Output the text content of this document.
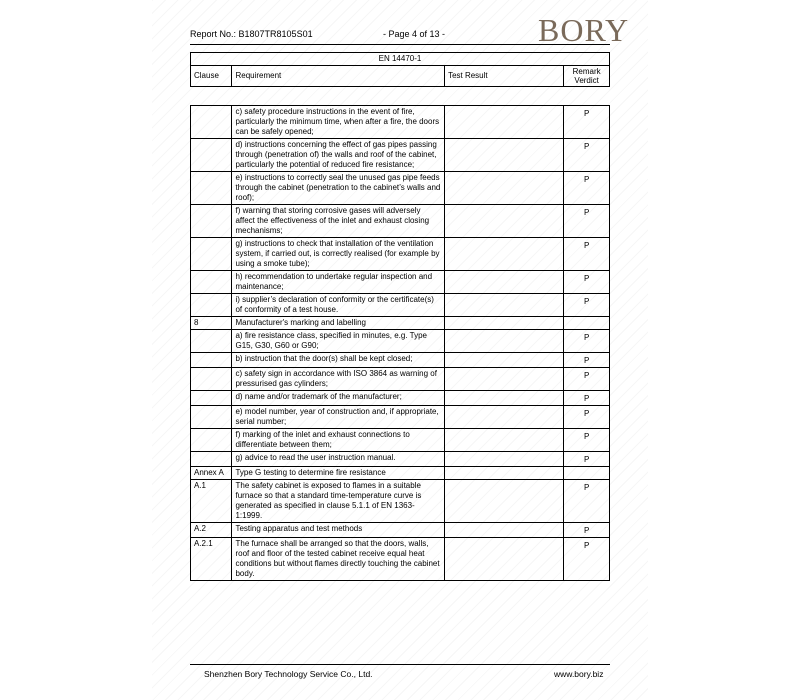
Report No.: B1807TR8105S01	- Page 4 of 13 -	BORY
EN 14470-1
Clause	Requirement	Test Result	Remark
Verdict
	c) safety procedure instructions in the event of fire, particularly the minimum time, when after a fire, the doors can be safely opened;		P
	d) instructions concerning the effect of gas pipes passing through (penetration of) the walls and roof of the cabinet, particularly the potential of reduced fire resistance;		P
	e) instructions to correctly seal the unused gas pipe feeds through the cabinet (penetration to the cabinet’s walls and roof);		P
	f) warning that storing corrosive gases will adversely affect the effectiveness of the inlet and exhaust closing mechanisms;		P
	g) instructions to check that installation of the ventilation system, if carried out, is correctly realised (for example by using a smoke tube);		P
	h) recommendation to undertake regular inspection and maintenance;		P
	i) supplier’s declaration of conformity or the certificate(s) of conformity of a test house.		P
8	Manufacturer's marking and labelling		
	a) fire resistance class, specified in minutes, e.g. Type G15, G30, G60 or G90;		P
	b) instruction that the door(s) shall be kept closed;		P
	c) safety sign in accordance with ISO 3864 as warning of pressurised gas cylinders;		P
	d) name and/or trademark of the manufacturer;		P
	e) model number, year of construction and, if appropriate, serial number;		P
	f) marking of the inlet and exhaust connections to differentiate between them;		P
	g) advice to read the user instruction manual.		P
Annex A	Type G testing to determine fire resistance		
A.1	The safety cabinet is exposed to flames in a suitable furnace so that a standard time-temperature curve is generated as specified in clause 5.1.1 of EN 1363-1:1999.		P
A.2	Testing apparatus and test methods		P
A.2.1	The furnace shall be arranged so that the doors, walls, roof and floor of the tested cabinet receive equal heat conditions but without flames directly touching the cabinet body.		P
Shenzhen Bory Technology Service Co., Ltd.	www.bory.biz
